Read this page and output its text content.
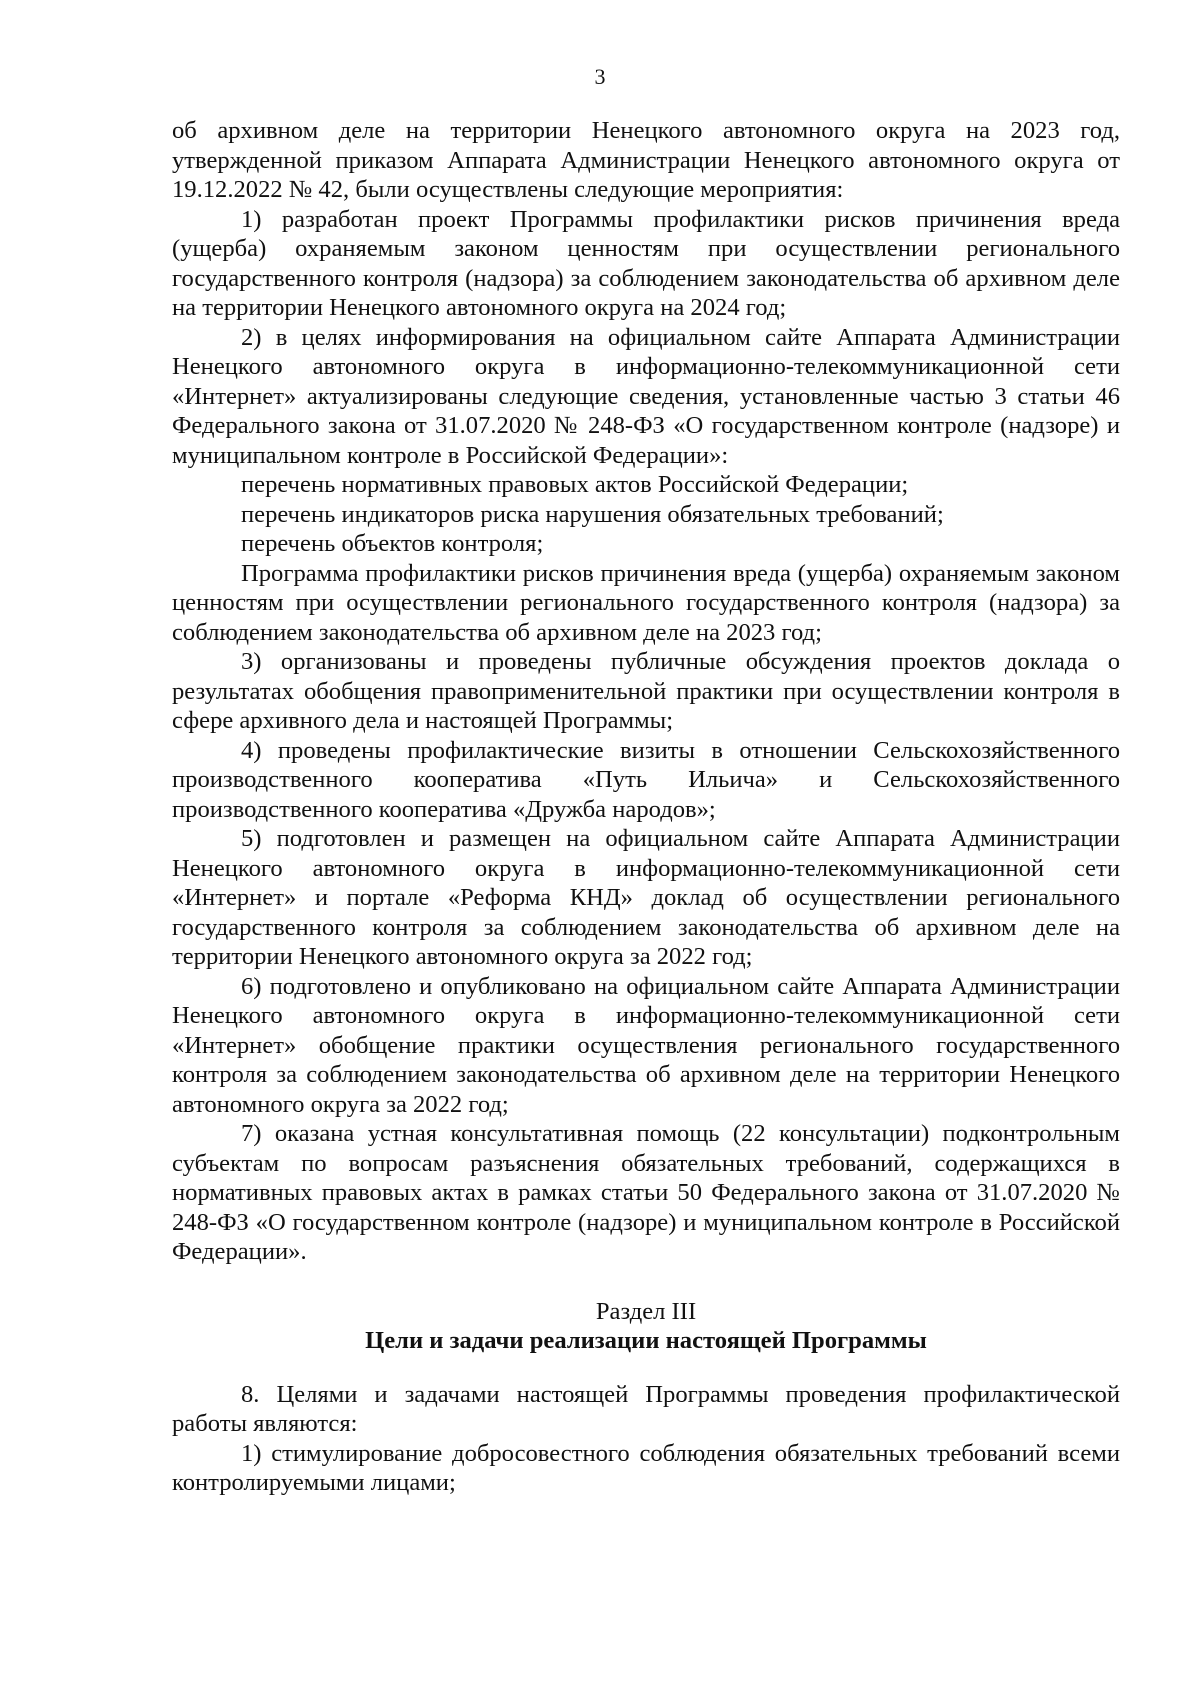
3

об архивном деле на территории Ненецкого автономного округа на 2023 год, утвержденной приказом Аппарата Администрации Ненецкого автономного округа от 19.12.2022 № 42, были осуществлены следующие мероприятия:

1) разработан проект Программы профилактики рисков причинения вреда (ущерба) охраняемым законом ценностям при осуществлении регионального государственного контроля (надзора) за соблюдением законодательства об архивном деле на территории Ненецкого автономного округа на 2024 год;

2) в целях информирования на официальном сайте Аппарата Администрации Ненецкого автономного округа в информационно-телекоммуникационной сети «Интернет» актуализированы следующие сведения, установленные частью 3 статьи 46 Федерального закона от 31.07.2020 № 248-ФЗ «О государственном контроле (надзоре) и муниципальном контроле в Российской Федерации»:

перечень нормативных правовых актов Российской Федерации;

перечень индикаторов риска нарушения обязательных требований;

перечень объектов контроля;

Программа профилактики рисков причинения вреда (ущерба) охраняемым законом ценностям при осуществлении регионального государственного контроля (надзора) за соблюдением законодательства об архивном деле на 2023 год;

3) организованы и проведены публичные обсуждения проектов доклада о результатах обобщения правоприменительной практики при осуществлении контроля в сфере архивного дела и настоящей Программы;

4) проведены профилактические визиты в отношении Сельскохозяйственного производственного кооператива «Путь Ильича» и Сельскохозяйственного производственного кооператива «Дружба народов»;

5) подготовлен и размещен на официальном сайте Аппарата Администрации Ненецкого автономного округа в информационно-телекоммуникационной сети «Интернет» и портале «Реформа КНД» доклад об осуществлении регионального государственного контроля за соблюдением законодательства об архивном деле на территории Ненецкого автономного округа за 2022 год;

6) подготовлено и опубликовано на официальном сайте Аппарата Администрации Ненецкого автономного округа в информационно-телекоммуникационной сети «Интернет» обобщение практики осуществления регионального государственного контроля за соблюдением законодательства об архивном деле на территории Ненецкого автономного округа за 2022 год;

7) оказана устная консультативная помощь (22 консультации) подконтрольным субъектам по вопросам разъяснения обязательных требований, содержащихся в нормативных правовых актах в рамках статьи 50 Федерального закона от 31.07.2020 № 248-ФЗ «О государственном контроле (надзоре) и муниципальном контроле в Российской Федерации».

Раздел III

Цели и задачи реализации настоящей Программы

8. Целями и задачами настоящей Программы проведения профилактической работы являются:

1) стимулирование добросовестного соблюдения обязательных требований всеми контролируемыми лицами;
